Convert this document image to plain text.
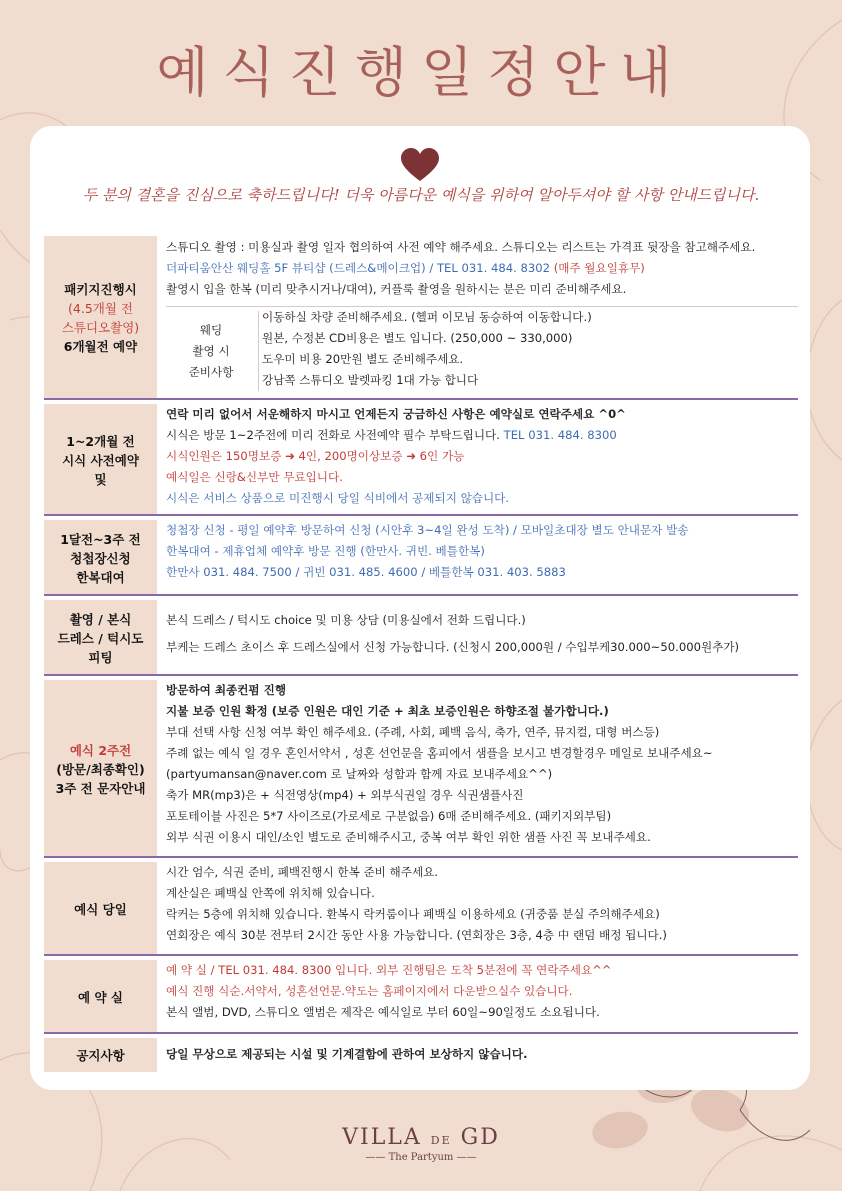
예식진행일정안내
두 분의 결혼을 진심으로 축하드립니다! 더욱 아름다운 예식을 위하여 알아두셔야 할 사항 안내드립니다.
패키지진행시
(4.5개월 전
스튜디오촬영)
6개월전 예약
스튜디오 촬영 : 미용실과 촬영 일자 협의하여 사전 예약 해주세요. 스튜디오는 리스트는 가격표 뒷장을 참고해주세요.
더파티움안산 웨딩홀 5F 뷰티샵 (드레스&메이크업) / TEL 031. 484. 8302 (매주 월요일휴무)
촬영시 입을 한복 (미리 맞추시거나/대여), 커플룩 촬영을 원하시는 분은 미리 준비해주세요.
웨딩
촬영 시
준비사항
이동하실 차량 준비해주세요. (헬퍼 이모님 동승하여 이동합니다.)
원본, 수정본 CD비용은 별도 입니다. (250,000 ~ 330,000)
도우미 비용 20만원 별도 준비해주세요.
강남쪽 스튜디오 발렛파킹 1대 가능 합니다
1~2개월 전
시식 사전예약
및
연락 미리 없어서 서운해하지 마시고 언제든지 궁금하신 사항은 예약실로 연락주세요 ^0^
시식은 방문 1~2주전에 미리 전화로 사전예약 필수 부탁드립니다. TEL 031. 484. 8300
시식인원은 150명보증 ➜ 4인, 200명이상보증 ➜ 6인 가능
예식일은 신랑&신부만 무료입니다.
시식은 서비스 상품으로 미진행시 당일 식비에서 공제되지 않습니다.
1달전~3주 전
청첩장신청
한복대여
청첩장 신청 - 평일 예약후 방문하여 신청 (시안후 3~4일 완성 도착) / 모바일초대장 별도 안내문자 발송
한복대여 - 제휴업체 예약후 방문 진행 (한만사. 귀빈. 베틀한복)
한만사 031. 484. 7500 / 귀빈 031. 485. 4600 / 베틀한복 031. 403. 5883
촬영 / 본식
드레스 / 턱시도
피팅
본식 드레스 / 턱시도 choice 및 미용 상담 (미용실에서 전화 드립니다.)
부케는 드레스 초이스 후 드레스실에서 신청 가능합니다. (신청시 200,000원 / 수입부케30.000~50.000원추가)
예식 2주전
(방문/최종확인)
3주 전 문자안내
방문하여 최종컨펌 진행
지불 보증 인원 확정 (보증 인원은 대인 기준 + 최초 보증인원은 하향조절 불가합니다.)
부대 선택 사항 신청 여부 확인 해주세요. (주례, 사회, 폐백 음식, 축가, 연주, 뮤지컬, 대형 버스등)
주례 없는 예식 일 경우 혼인서약서 , 성혼 선언문을 홈피에서 샘플을 보시고 변경할경우 메일로 보내주세요~
(partyumansan@naver.com 로 날짜와 성함과 함께 자료 보내주세요^^)
축가 MR(mp3)은 + 식전영상(mp4) + 외부식권일 경우 식권샘플사진
포토테이블 사진은 5*7 사이즈로(가로세로 구분없음) 6매 준비해주세요. (패키지외부팀)
외부 식권 이용시 대인/소인 별도로 준비해주시고, 중복 여부 확인 위한 샘플 사진 꼭 보내주세요.
예식 당일
시간 엄수, 식권 준비, 폐백진행시 한복 준비 해주세요.
계산실은 폐백실 안쪽에 위치해 있습니다.
락커는 5층에 위치해 있습니다. 환복시 락커룸이나 폐백실 이용하세요 (귀중품 분실 주의해주세요)
연회장은 예식 30분 전부터 2시간 동안 사용 가능합니다. (연회장은 3층, 4층 中 랜덤 배정 됩니다.)
예 약 실
예 약 실 / TEL 031. 484. 8300 입니다. 외부 진행팀은 도착 5분전에 꼭 연락주세요^^
예식 진행 식순.서약서, 성혼선언문.약도는 홈페이지에서 다운받으실수 있습니다.
본식 앨범, DVD, 스튜디오 앨범은 제작은 예식일로 부터 60일~90일정도 소요됩니다.
공지사항	당일 무상으로 제공되는 시설 및 기계결함에 관하여 보상하지 않습니다.
VILLA DE GD
—— The Partyum ——
